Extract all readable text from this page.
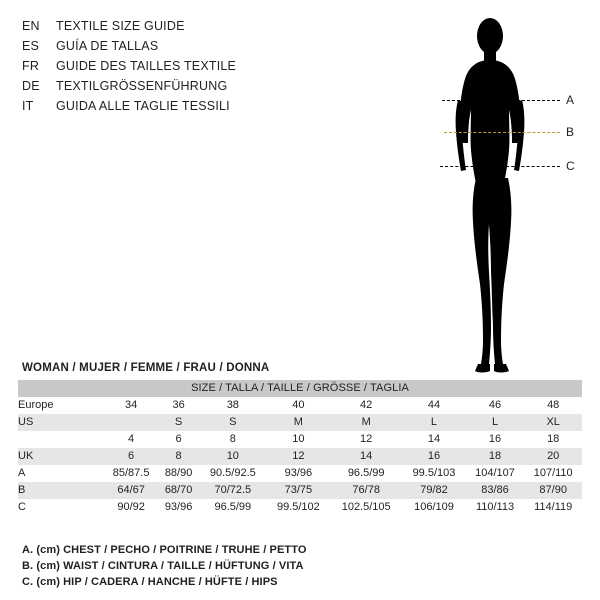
EN	TEXTILE SIZE GUIDE
ES	GUÍA DE TALLAS
FR	GUIDE DES TAILLES TEXTILE
DE	TEXTILGRÖSSENFÜHRUNG
IT	GUIDA ALLE TAGLIE TESSILI	A
B
C
WOMAN / MUJER / FEMME / FRAU / DONNA
SIZE / TALLA / TAILLE / GRÖSSE / TAGLIA								
Europe	34	36	38	40	42	44	46	48
US		S	S	M	M	L	L	XL
	4	6	8	10	12	14	16	18
UK	6	8	10	12	14	16	18	20
A	85/87.5	88/90	90.5/92.5	93/96	96.5/99	99.5/103	104/107	107/110
B	64/67	68/70	70/72.5	73/75	76/78	79/82	83/86	87/90
C	90/92	93/96	96.5/99	99.5/102	102.5/105	106/109	110/113	114/119
A. (cm) CHEST / PECHO / POITRINE / TRUHE / PETTO
B. (cm) WAIST / CINTURA / TAILLE / HÜFTUNG / VITA
C. (cm) HIP / CADERA / HANCHE / HÜFTE / HIPS
